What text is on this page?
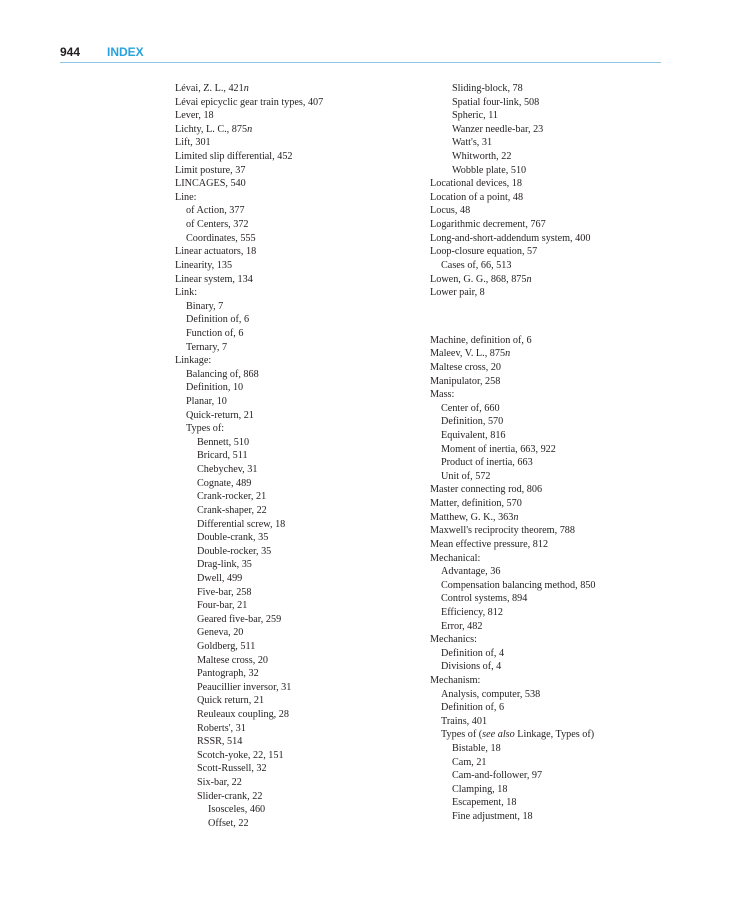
944 INDEX
Lévai, Z. L., 421n
Lévai epicyclic gear train types, 407
Lever, 18
Lichty, L. C., 875n
Lift, 301
Limited slip differential, 452
Limit posture, 37
LINCAGES, 540
Line:
of Action, 377
of Centers, 372
Coordinates, 555
Linear actuators, 18
Linearity, 135
Linear system, 134
Link:
Binary, 7
Definition of, 6
Function of, 6
Ternary, 7
Linkage:
Balancing of, 868
Definition, 10
Planar, 10
Quick-return, 21
Types of:
Bennett, 510
Bricard, 511
Chebychev, 31
Cognate, 489
Crank-rocker, 21
Crank-shaper, 22
Differential screw, 18
Double-crank, 35
Double-rocker, 35
Drag-link, 35
Dwell, 499
Five-bar, 258
Four-bar, 21
Geared five-bar, 259
Geneva, 20
Goldberg, 511
Maltese cross, 20
Pantograph, 32
Peaucillier inversor, 31
Quick return, 21
Reuleaux coupling, 28
Roberts', 31
RSSR, 514
Scotch-yoke, 22, 151
Scott-Russell, 32
Six-bar, 22
Slider-crank, 22
Isosceles, 460
Offset, 22
Sliding-block, 78
Spatial four-link, 508
Spheric, 11
Wanzer needle-bar, 23
Watt's, 31
Whitworth, 22
Wobble plate, 510
Locational devices, 18
Location of a point, 48
Locus, 48
Logarithmic decrement, 767
Long-and-short-addendum system, 400
Loop-closure equation, 57
Cases of, 66, 513
Lowen, G. G., 868, 875n
Lower pair, 8
Machine, definition of, 6
Maleev, V. L., 875n
Maltese cross, 20
Manipulator, 258
Mass:
Center of, 660
Definition, 570
Equivalent, 816
Moment of inertia, 663, 922
Product of inertia, 663
Unit of, 572
Master connecting rod, 806
Matter, definition, 570
Matthew, G. K., 363n
Maxwell's reciprocity theorem, 788
Mean effective pressure, 812
Mechanical:
Advantage, 36
Compensation balancing method, 850
Control systems, 894
Efficiency, 812
Error, 482
Mechanics:
Definition of, 4
Divisions of, 4
Mechanism:
Analysis, computer, 538
Definition of, 6
Trains, 401
Types of (see also Linkage, Types of)
Bistable, 18
Cam, 21
Cam-and-follower, 97
Clamping, 18
Escapement, 18
Fine adjustment, 18
